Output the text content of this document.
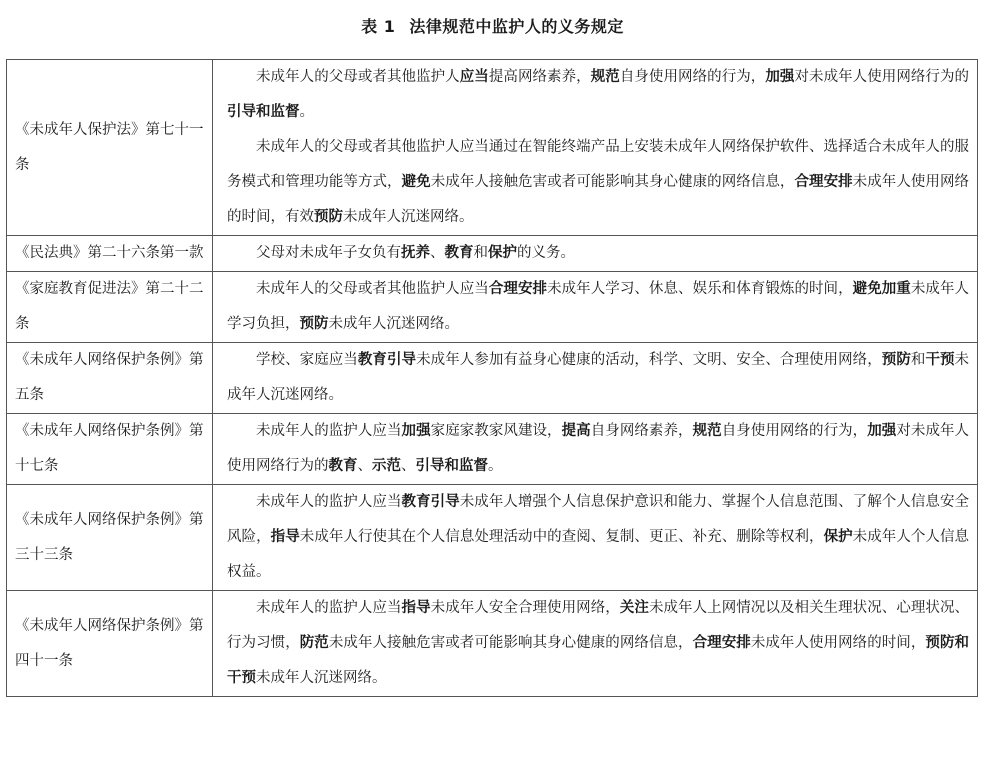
表 1 法律规范中监护人的义务规定
《未成年人保护法》第七十一条	未成年人的父母或者其他监护人应当提高网络素养，规范自身使用网络的行为，加强对未成年人使用网络行为的引导和监督。

未成年人的父母或者其他监护人应当通过在智能终端产品上安装未成年人网络保护软件、选择适合未成年人的服务模式和管理功能等方式，避免未成年人接触危害或者可能影响其身心健康的网络信息，合理安排未成年人使用网络的时间，有效预防未成年人沉迷网络。

《民法典》第二十六条第一款	父母对未成年子女负有抚养、教育和保护的义务。

《家庭教育促进法》第二十二条	未成年人的父母或者其他监护人应当合理安排未成年人学习、休息、娱乐和体育锻炼的时间，避免加重未成年人学习负担，预防未成年人沉迷网络。

《未成年人网络保护条例》第五条	学校、家庭应当教育引导未成年人参加有益身心健康的活动，科学、文明、安全、合理使用网络，预防和干预未成年人沉迷网络。

《未成年人网络保护条例》第十七条	未成年人的监护人应当加强家庭家教家风建设，提高自身网络素养，规范自身使用网络的行为，加强对未成年人使用网络行为的教育、示范、引导和监督。

《未成年人网络保护条例》第三十三条	未成年人的监护人应当教育引导未成年人增强个人信息保护意识和能力、掌握个人信息范围、了解个人信息安全风险，指导未成年人行使其在个人信息处理活动中的查阅、复制、更正、补充、删除等权利，保护未成年人个人信息权益。

《未成年人网络保护条例》第四十一条	未成年人的监护人应当指导未成年人安全合理使用网络，关注未成年人上网情况以及相关生理状况、心理状况、行为习惯，防范未成年人接触危害或者可能影响其身心健康的网络信息，合理安排未成年人使用网络的时间，预防和干预未成年人沉迷网络。
